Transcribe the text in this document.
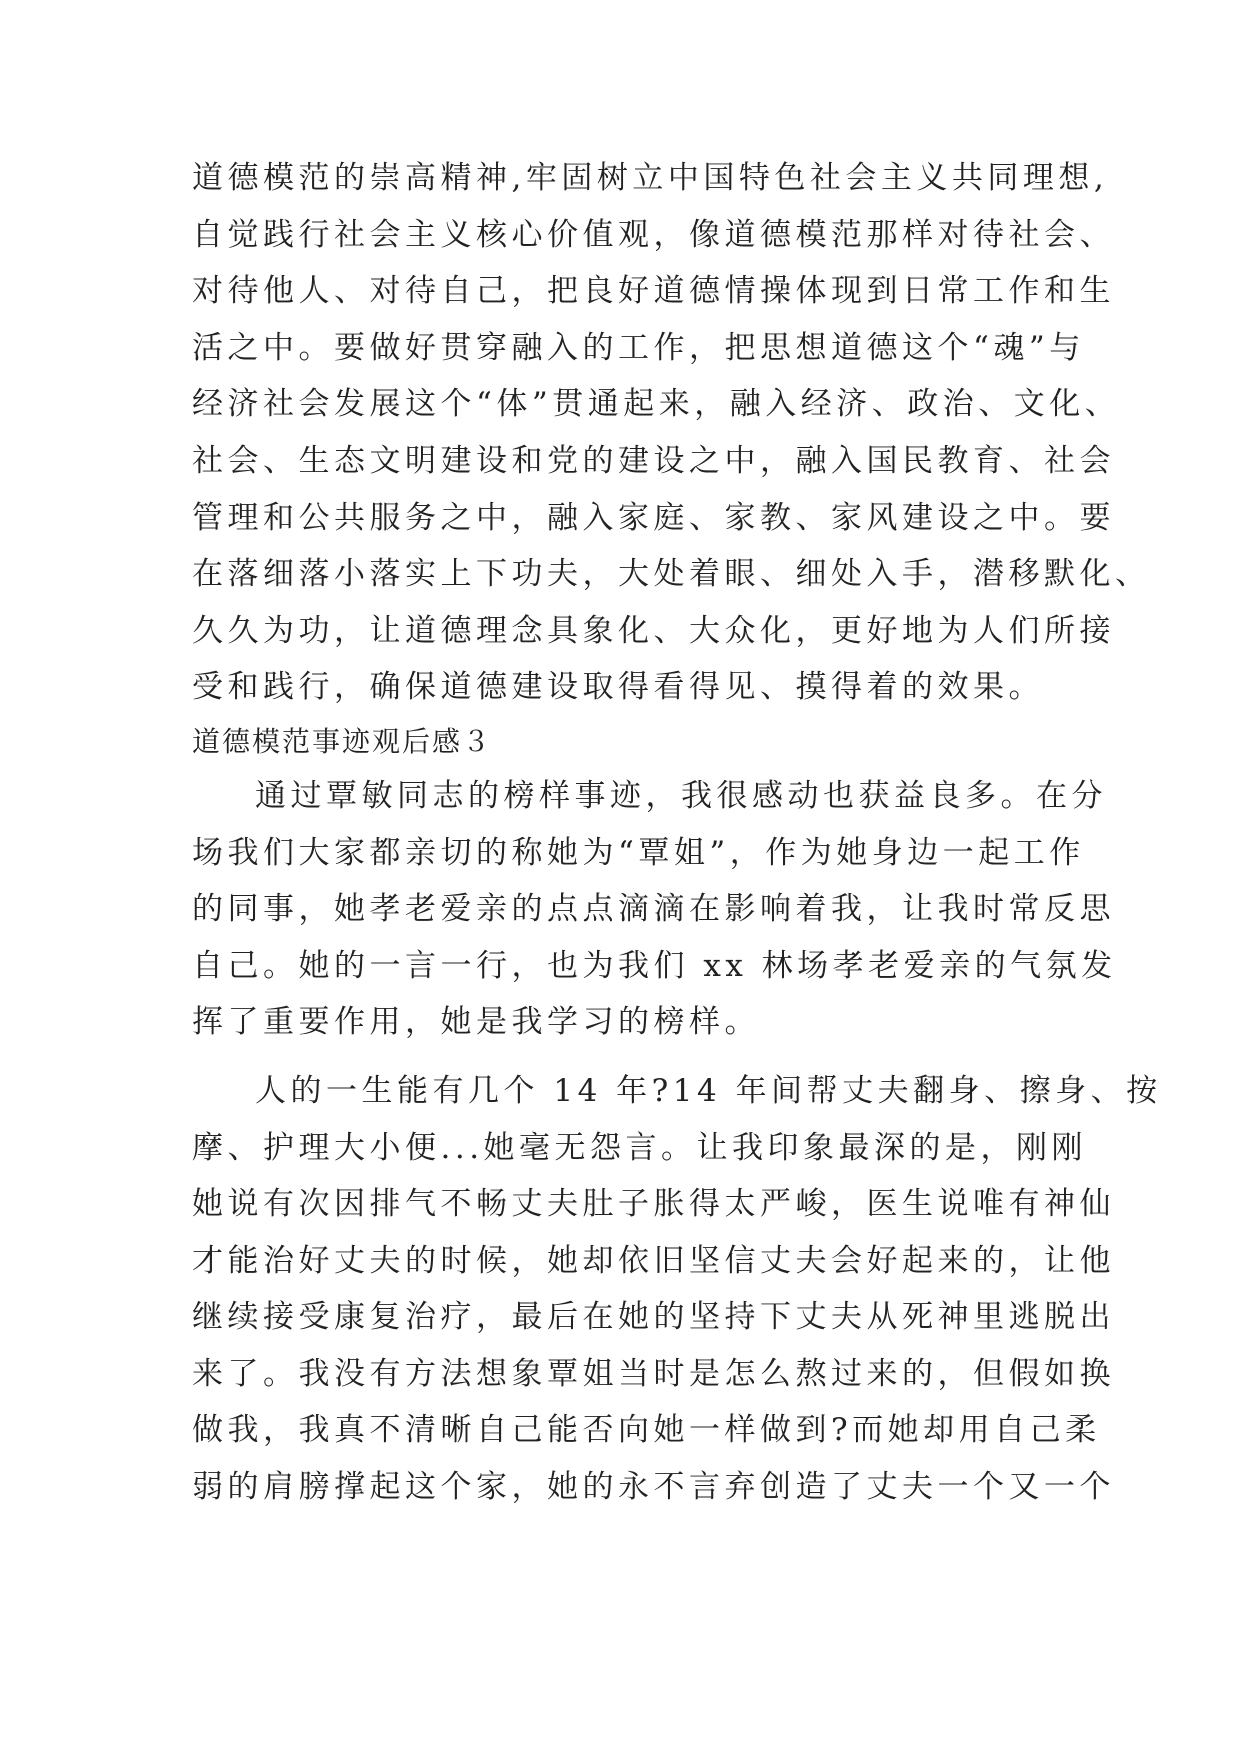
道德模范的崇高精神,牢固树立中国特色社会主义共同理想,
自觉践行社会主义核心价值观，像道德模范那样对待社会、
对待他人、对待自己，把良好道德情操体现到日常工作和生
活之中。要做好贯穿融入的工作，把思想道德这个“魂”与
经济社会发展这个“体”贯通起来，融入经济、政治、文化、
社会、生态文明建设和党的建设之中，融入国民教育、社会
管理和公共服务之中，融入家庭、家教、家风建设之中。要
在落细落小落实上下功夫，大处着眼、细处入手，潜移默化、
久久为功，让道德理念具象化、大众化，更好地为人们所接
受和践行，确保道德建设取得看得见、摸得着的效果。
道德模范事迹观后感３
通过覃敏同志的榜样事迹，我很感动也获益良多。在分
场我们大家都亲切的称她为“覃姐”，作为她身边一起工作
的同事，她孝老爱亲的点点滴滴在影响着我，让我时常反思
自己。她的一言一行，也为我们 xx 林场孝老爱亲的气氛发
挥了重要作用，她是我学习的榜样。
人的一生能有几个 14 年?14 年间帮丈夫翻身、擦身、按
摩、护理大小便...她毫无怨言。让我印象最深的是，刚刚
她说有次因排气不畅丈夫肚子胀得太严峻，医生说唯有神仙
才能治好丈夫的时候，她却依旧坚信丈夫会好起来的，让他
继续接受康复治疗，最后在她的坚持下丈夫从死神里逃脱出
来了。我没有方法想象覃姐当时是怎么熬过来的，但假如换
做我，我真不清晰自己能否向她一样做到?而她却用自己柔
弱的肩膀撑起这个家，她的永不言弃创造了丈夫一个又一个
